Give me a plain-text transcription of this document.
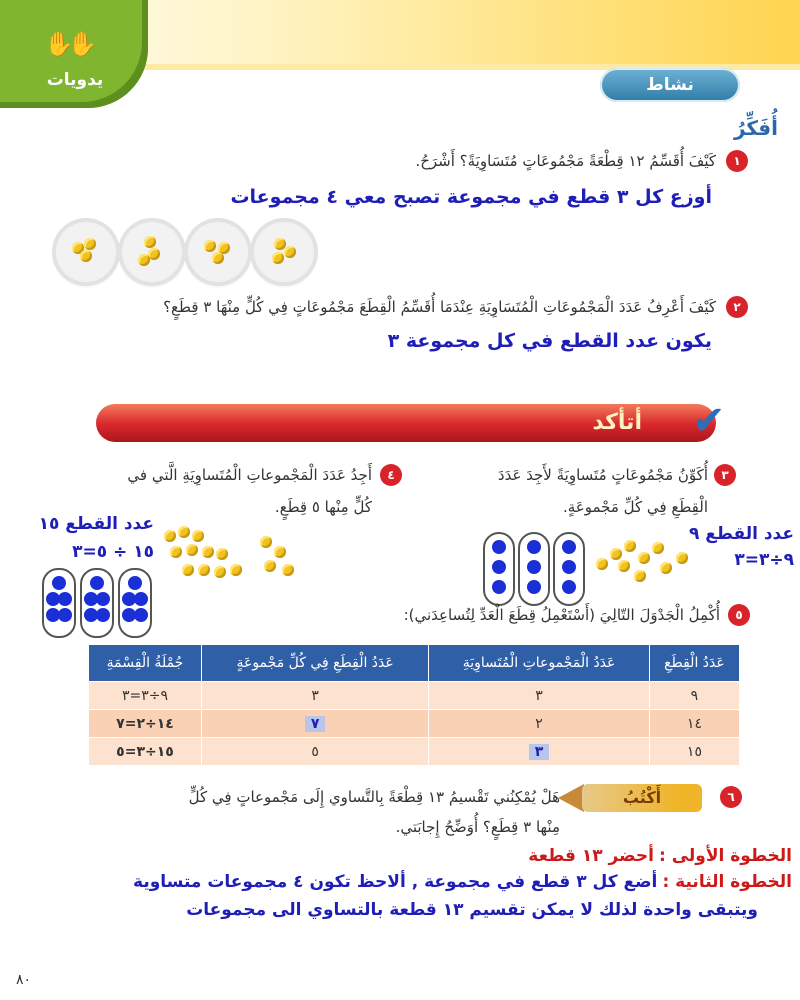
✋✋
يدويات	نشاط
أُفَكِّرُ
١
كَيْفَ أُقَسِّمُ ١٢ قِطْعَةً مَجْمُوعَاتٍ مُتَسَاوِيَةً؟ أَشْرَحُ.
أوزع كل ٣ قطع في مجموعة تصبح معي ٤ مجموعات
٢
كَيْفَ أَعْرِفُ عَدَدَ الْمَجْمُوعَاتِ الْمُتَسَاوِيَةِ عِنْدَمَا أُقَسِّمُ الْقِطَعَ مَجْمُوعَاتٍ فِي كُلٍّ مِنْهَا ٣ قِطَعٍ؟
يكون عدد القطع في كل مجموعة ٣
أتأكد ✔
٣
أُكَوِّنُ مَجْمُوعَاتٍ مُتَساوِيَةً لأَجِدَ عَدَدَ
الْقِطَعِ فِي كُلِّ مَجْموعَةٍ.
عدد القطع ٩
٩÷٣=٣
٤
أَجِدُ عَدَدَ الْمَجْموعاتِ الْمُتَساوِيَةِ الَّتي في
كُلٍّ مِنْها ٥ قِطَعٍ.
عدد القطع ١٥
١٥ ÷ ٥=٣
٥
أُكْمِلُ الْجَدْوَلَ التّالِيَ (أَسْتَعْمِلُ قِطَعَ الْعَدِّ لِتُساعِدَني):
عَدَدُ الْقِطَعِ	عَدَدُ الْمَجْموعاتِ الْمُتَساوِيَةِ	عَدَدُ الْقِطَعِ فِي كُلِّ مَجْموعَةٍ	جُمْلَةُ الْقِسْمَةِ
٩	٣	٣	٩÷٣=٣
١٤	٢	٧	١٤÷٢=٧
١٥	٣	٥	١٥÷٣=٥
٦
أَكْتُبُ
هَلْ يُمْكِنُني تَقْسيمُ ١٣ قِطْعَةً بِالتَّساوي إِلَى مَجْموعاتٍ فِي كُلٍّ
مِنْها ٣ قِطَعٍ؟ أُوَضِّحُ إِجابَتي.
الخطوة الأولى : أحضر ١٣ قطعة
الخطوة الثانية : أضع كل ٣ قطع في مجموعة , ألاحظ تكون ٤ مجموعات متساوية
ويتبقى واحدة لذلك لا يمكن تقسيم ١٣ قطعة بالتساوي الى مجموعات
٨٠
